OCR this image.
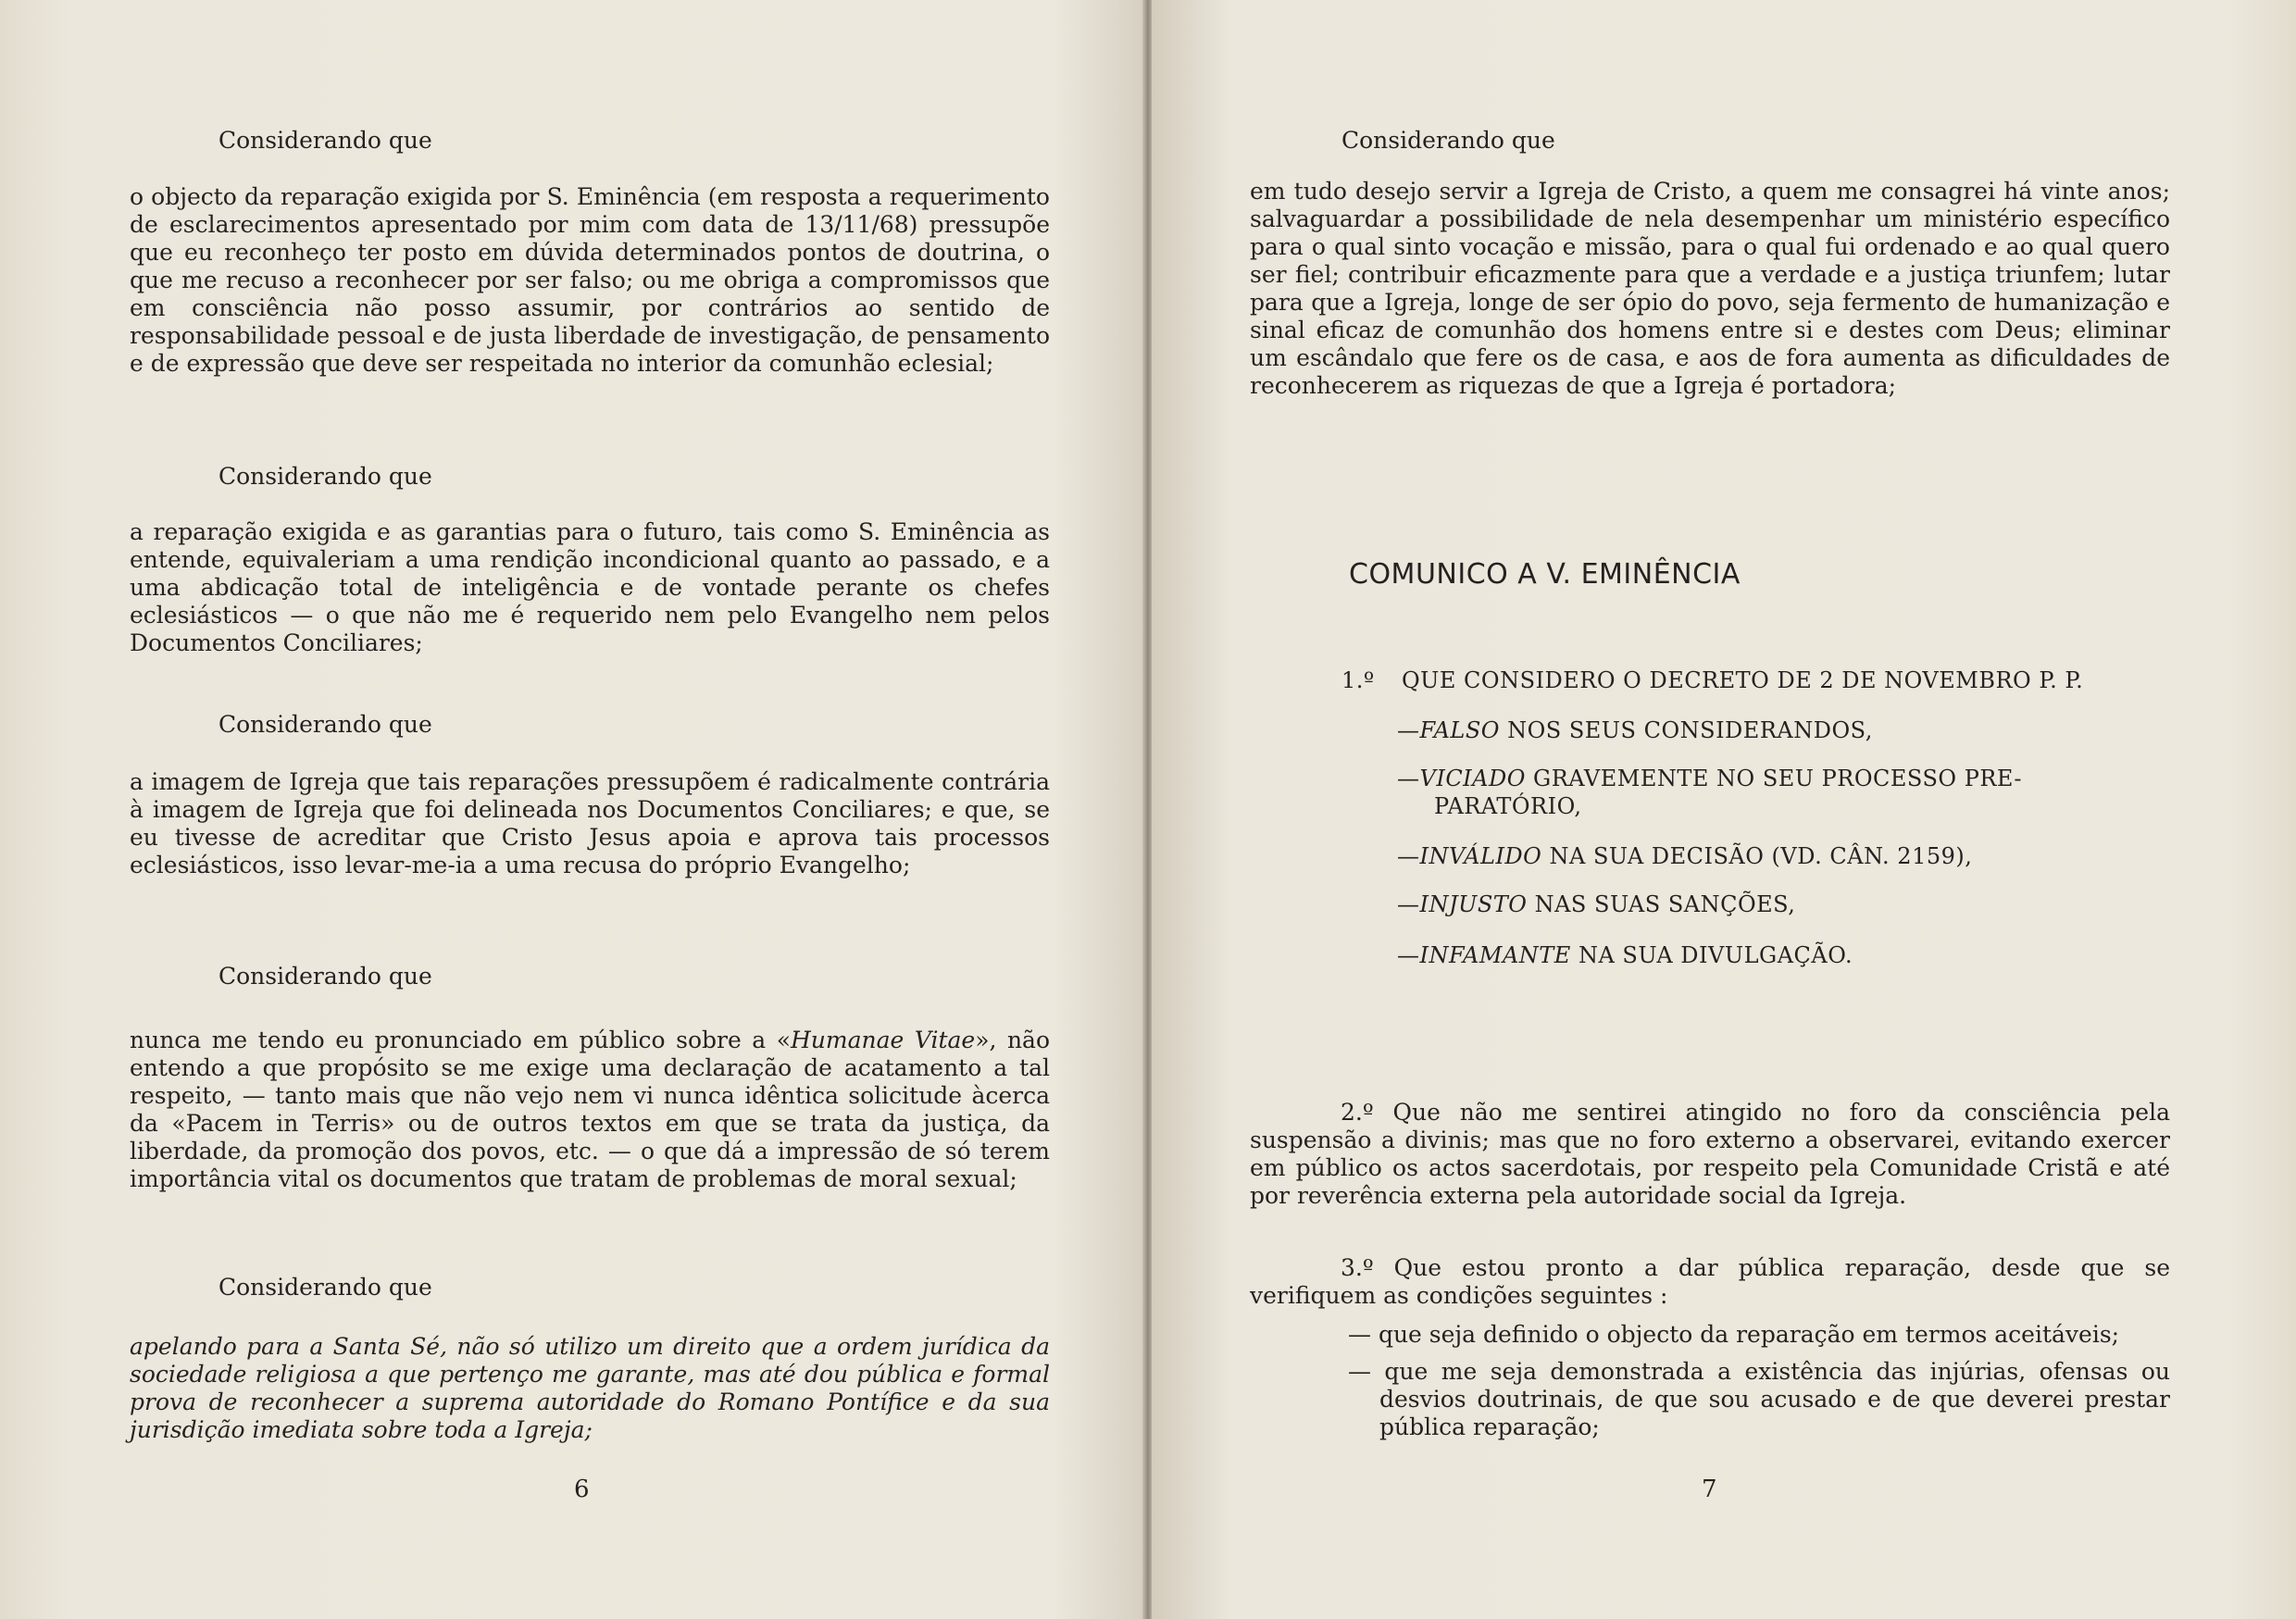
Considerando que
o objecto da reparação exigida por S. Eminência (em resposta a requerimento de esclarecimentos apresentado por mim com data de 13/11/68) pressupõe que eu reconheço ter posto em dúvida determinados pontos de doutrina, o que me recuso a reconhecer por ser falso; ou me obriga a compromissos que em consciência não posso assumir, por contrários ao sentido de responsabilidade pessoal e de justa liberdade de investigação, de pensamento e de expressão que deve ser respeitada no interior da comunhão eclesial;
Considerando que
a reparação exigida e as garantias para o futuro, tais como S. Eminência as entende, equivaleriam a uma rendição incondicional quanto ao passado, e a uma abdicação total de inteligência e de vontade perante os chefes eclesiásticos — o que não me é requerido nem pelo Evangelho nem pelos Documentos Conciliares;
Considerando que
a imagem de Igreja que tais reparações pressupõem é radicalmente contrária à imagem de Igreja que foi delineada nos Documentos Conciliares; e que, se eu tivesse de acreditar que Cristo Jesus apoia e aprova tais processos eclesiásticos, isso levar-me-ia a uma recusa do próprio Evangelho;
Considerando que
nunca me tendo eu pronunciado em público sobre a «Humanae Vitae», não entendo a que propósito se me exige uma declaração de acatamento a tal respeito, — tanto mais que não vejo nem vi nunca idêntica solicitude àcerca da «Pacem in Terris» ou de outros textos em que se trata da justiça, da liberdade, da promoção dos povos, etc. — o que dá a impressão de só terem importância vital os documentos que tratam de problemas de moral sexual;
Considerando que
apelando para a Santa Sé, não só utilizo um direito que a ordem jurídica da sociedade religiosa a que pertenço me garante, mas até dou pública e formal prova de reconhecer a suprema autoridade do Romano Pontífice e da sua jurisdição imediata sobre toda a Igreja;
6
Considerando que
em tudo desejo servir a Igreja de Cristo, a quem me consagrei há vinte anos; salvaguardar a possibilidade de nela desempenhar um ministério específico para o qual sinto vocação e missão, para o qual fui ordenado e ao qual quero ser fiel; contribuir eficazmente para que a verdade e a justiça triunfem; lutar para que a Igreja, longe de ser ópio do povo, seja fermento de humanização e sinal eficaz de comunhão dos homens entre si e destes com Deus; eliminar um escândalo que fere os de casa, e aos de fora aumenta as dificuldades de reconhecerem as riquezas de que a Igreja é portadora;
COMUNICO A V. EMINÊNCIA
1.º QUE CONSIDERO O DECRETO DE 2 DE NOVEMBRO P. P.
—FALSO NOS SEUS CONSIDERANDOS,
—VICIADO GRAVEMENTE NO SEU PROCESSO PRE-
PARATÓRIO,
—INVÁLIDO NA SUA DECISÃO (VD. CÂN. 2159),
—INJUSTO NAS SUAS SANÇÕES,
—INFAMANTE NA SUA DIVULGAÇÃO.
2.º Que não me sentirei atingido no foro da consciência pela suspensão a divinis; mas que no foro externo a observarei, evitando exercer em público os actos sacerdotais, por respeito pela Comunidade Cristã e até por reverência externa pela autoridade social da Igreja.
3.º Que estou pronto a dar pública reparação, desde que se verifiquem as condições seguintes :
— que seja definido o objecto da reparação em termos aceitáveis;
— que me seja demonstrada a existência das injúrias, ofensas ou desvios doutrinais, de que sou acusado e de que deverei prestar pública reparação;
7
